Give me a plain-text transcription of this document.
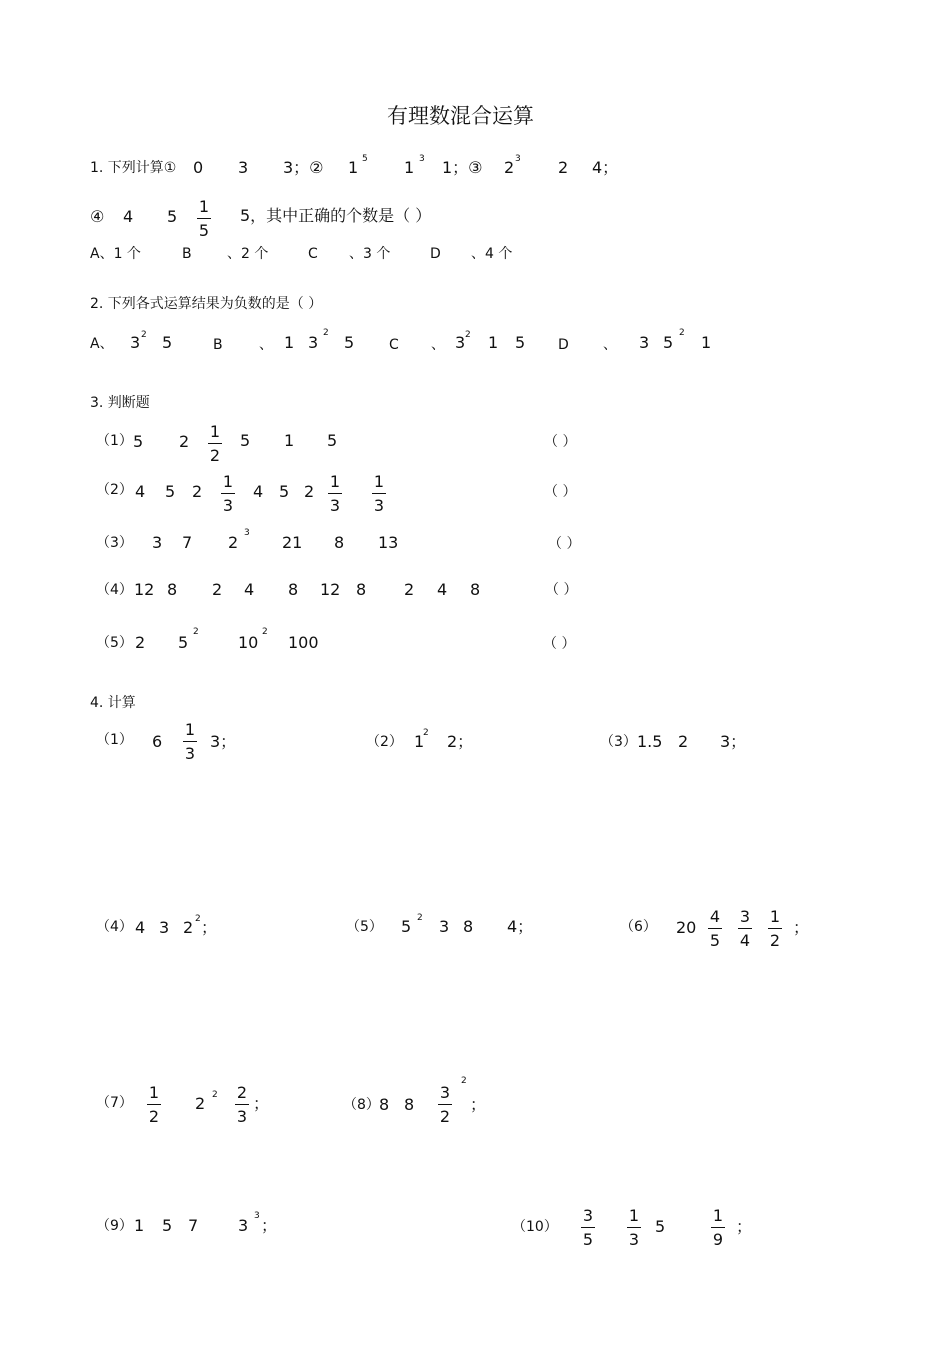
有理数混合运算
1. 下列计算① 0 3 3；② 1 5 1 3 1；③ 2 3 2 4；
④ 4 5
1
5
5，其中正确的个数是（ ）
A、1 个	B	、2 个	C 、3 个	D 、4 个
2. 下列各式运算结果为负数的是（ ）
A、 3 2 5	B	、 1 3 2 5 C 、 3 2 1 5 D 、 3 5 2 1
3. 判断题
（1） 5 2
1
2
5 1 5	（ ）
（2） 4 5 2
1
3
4 5 2
1
3
1
3
（ ）
（3） 3 7 2 3 21 8 13	（ ）
（4） 12 8 2 4 8 12 8 2 4 8	（ ）
（5） 2 5
2
10
2
100	（ ）
4. 计算
（1） 6
1
3
3；	（2） 1
2 2；	（3） 1.5 2 3；
（4） 4 3 2 2 ；	（5） 5 2 3 8 4；	（6） 20
4
5
3
4
1
2
；
（7）
1
2
2 2 2
3
；	（8） 8 8
3
2
2
；
（9） 1 5 7 3 3 ；	（10）
3
5
1
3
5
1
9
；
